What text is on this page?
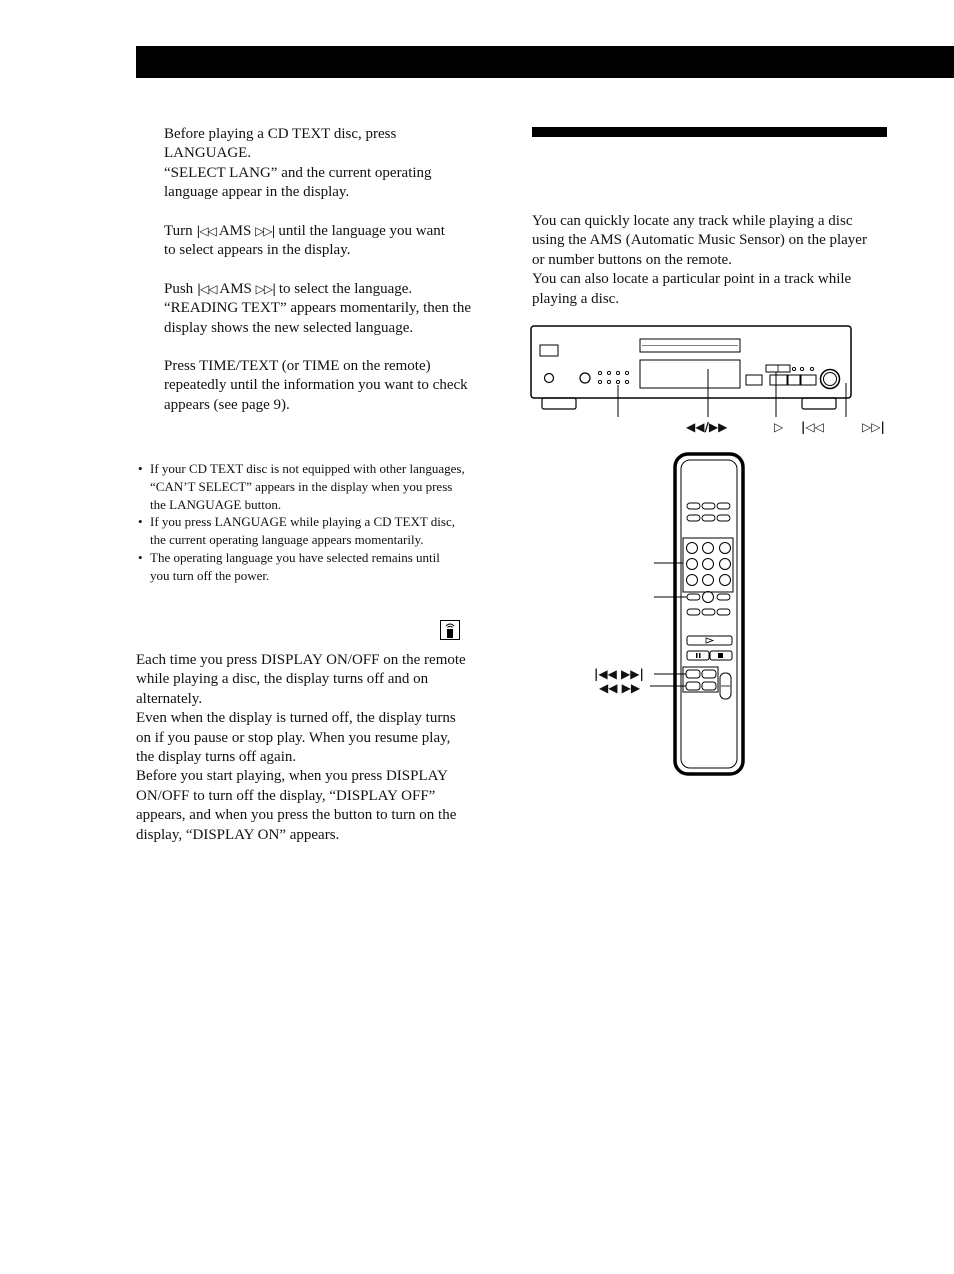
Before playing a CD TEXT disc, press
LANGUAGE.
“SELECT LANG” and the current operating
language appear in the display.

Turn |◁◁ AMS ▷▷| until the language you want
to select appears in the display.

Push |◁◁ AMS ▷▷| to select the language.
“READING TEXT” appears momentarily, then the
display shows the new selected language.

Press TIME/TEXT (or TIME on the remote)
repeatedly until the information you want to check
appears (see page 9).

• If your CD TEXT disc is not equipped with other languages,
“CAN’T SELECT” appears in the display when you press
the LANGUAGE button.
• If you press LANGUAGE while playing a CD TEXT disc,
the current operating language appears momentarily.
• The operating language you have selected remains until
you turn off the power.

Each time you press DISPLAY ON/OFF on the remote
while playing a disc, the display turns off and on
alternately.
Even when the display is turned off, the display turns
on if you pause or stop play. When you resume play,
the display turns off again.
Before you start playing, when you press DISPLAY
ON/OFF to turn off the display, “DISPLAY OFF”
appears, and when you press the button to turn on the
display, “DISPLAY ON” appears.

You can quickly locate any track while playing a disc
using the AMS (Automatic Music Sensor) on the player
or number buttons on the remote.
You can also locate a particular point in a track while
playing a disc.

◀◀/▶▶	▷ |◁◁	▷▷|
|◀◀ ▶▶|
◀◀ ▶▶
